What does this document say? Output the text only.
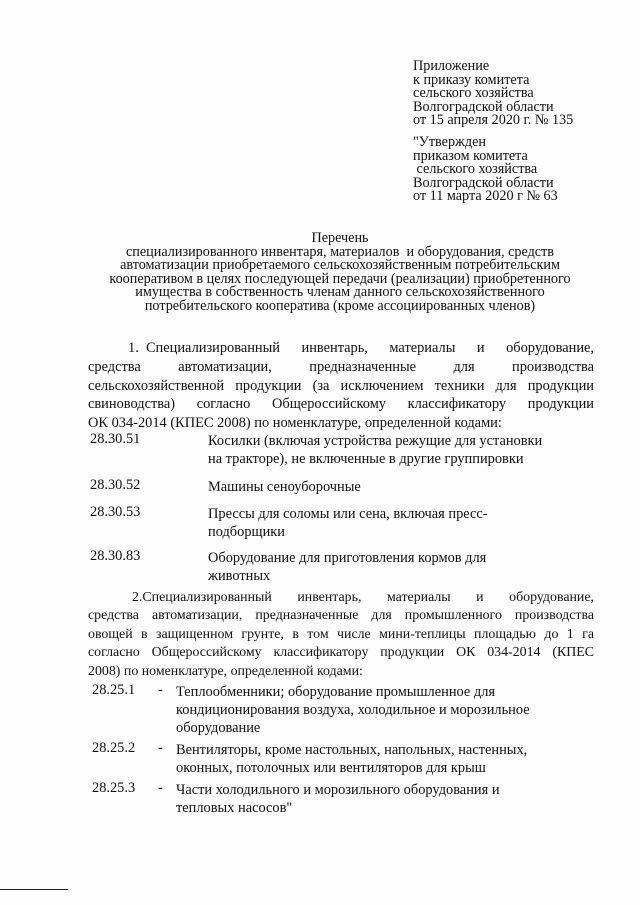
Приложение
к приказу комитета
сельского хозяйства
Волгоградской области
от 15 апреля 2020 г. № 135
"Утвержден
приказом комитета
сельского хозяйства
Волгоградской области
от 11 марта 2020 г № 63
Перечень
специализированного инвентаря, материалов  и оборудования, средств
автоматизации приобретаемого сельскохозяйственным потребительским
кооперативом в целях последующей передачи (реализации) приобретенного
имущества в собственность членам данного сельскохозяйственного
потребительского кооператива (кроме ассоциированных членов)
1. Специализированный   инвентарь,   материалы   и   оборудование,
средства    автоматизации,    предназначенные    для    производства
сельскохозяйственной продукции (за исключением техники для продукции
свиноводства)  согласно  Общероссийскому  классификатору  продукции
ОК 034-2014 (КПЕС 2008) по номенклатуре, определенной кодами:
28.30.51	Косилки (включая устройства режущие для установки
на тракторе), не включенные в другие группировки
28.30.52	Машины сеноуборочные
28.30.53	Прессы для соломы или сена, включая пресс-
подборщики
28.30.83	Оборудование для приготовления кормов для
животных
2.Специализированный   инвентарь,   материалы   и   оборудование,
средства автоматизации, предназначенные для промышленного производства
овощей в защищенном грунте, в том числе мини-теплицы площадью до 1 га
согласно Общероссийскому классификатору продукции ОК 034-2014 (КПЕС
2008) по номенклатуре, определенной кодами:
28.25.1 - Теплообменники; оборудование промышленное для
кондиционирования воздуха, холодильное и морозильное
оборудование
28.25.2 - Вентиляторы, кроме настольных, напольных, настенных,
оконных, потолочных или вентиляторов для крыш
28.25.3 - Части холодильного и морозильного оборудования и
тепловых насосов"
